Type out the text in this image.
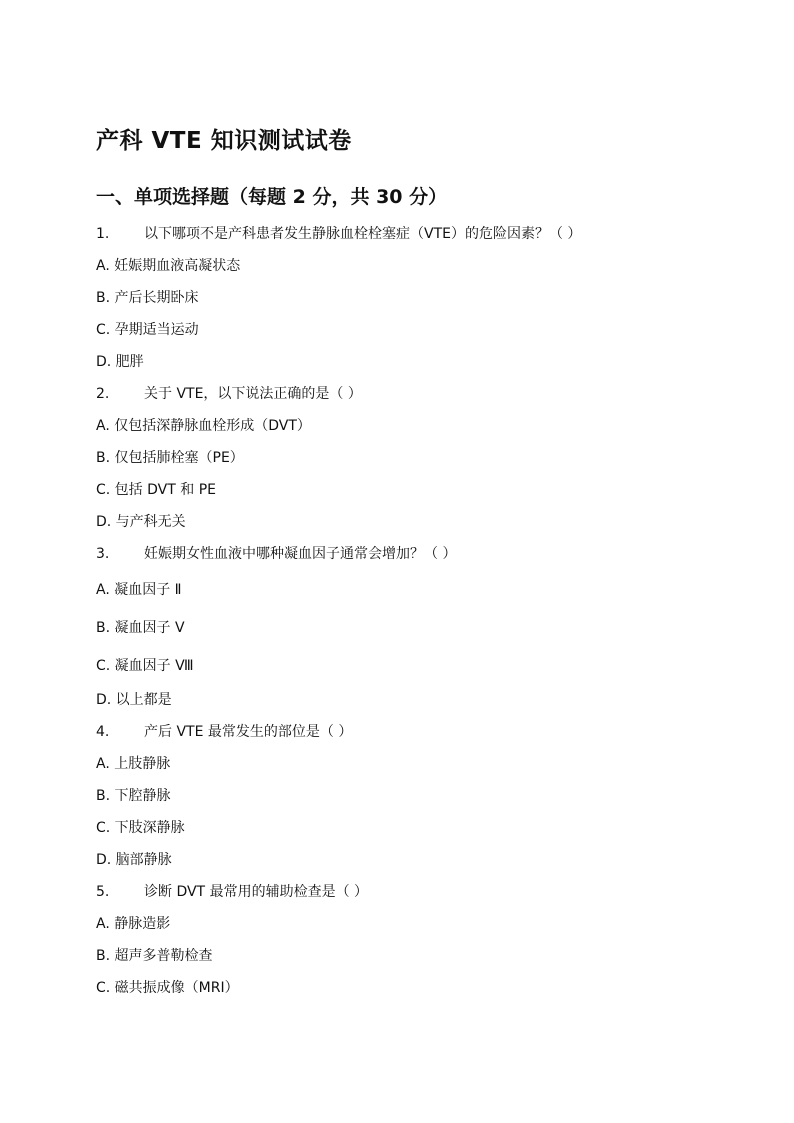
产科 VTE 知识测试试卷
一、单项选择题（每题 2 分，共 30 分）
1. 以下哪项不是产科患者发生静脉血栓栓塞症（VTE）的危险因素？（ ）
A. 妊娠期血液高凝状态
B. 产后长期卧床
C. 孕期适当运动
D. 肥胖
2. 关于 VTE，以下说法正确的是（ ）
A. 仅包括深静脉血栓形成（DVT）
B. 仅包括肺栓塞（PE）
C. 包括 DVT 和 PE
D. 与产科无关
3. 妊娠期女性血液中哪种凝血因子通常会增加？（ ）
A. 凝血因子 Ⅱ
B. 凝血因子 Ⅴ
C. 凝血因子 Ⅷ
D. 以上都是
4. 产后 VTE 最常发生的部位是（ ）
A. 上肢静脉
B. 下腔静脉
C. 下肢深静脉
D. 脑部静脉
5. 诊断 DVT 最常用的辅助检查是（ ）
A. 静脉造影
B. 超声多普勒检查
C. 磁共振成像（MRI）
